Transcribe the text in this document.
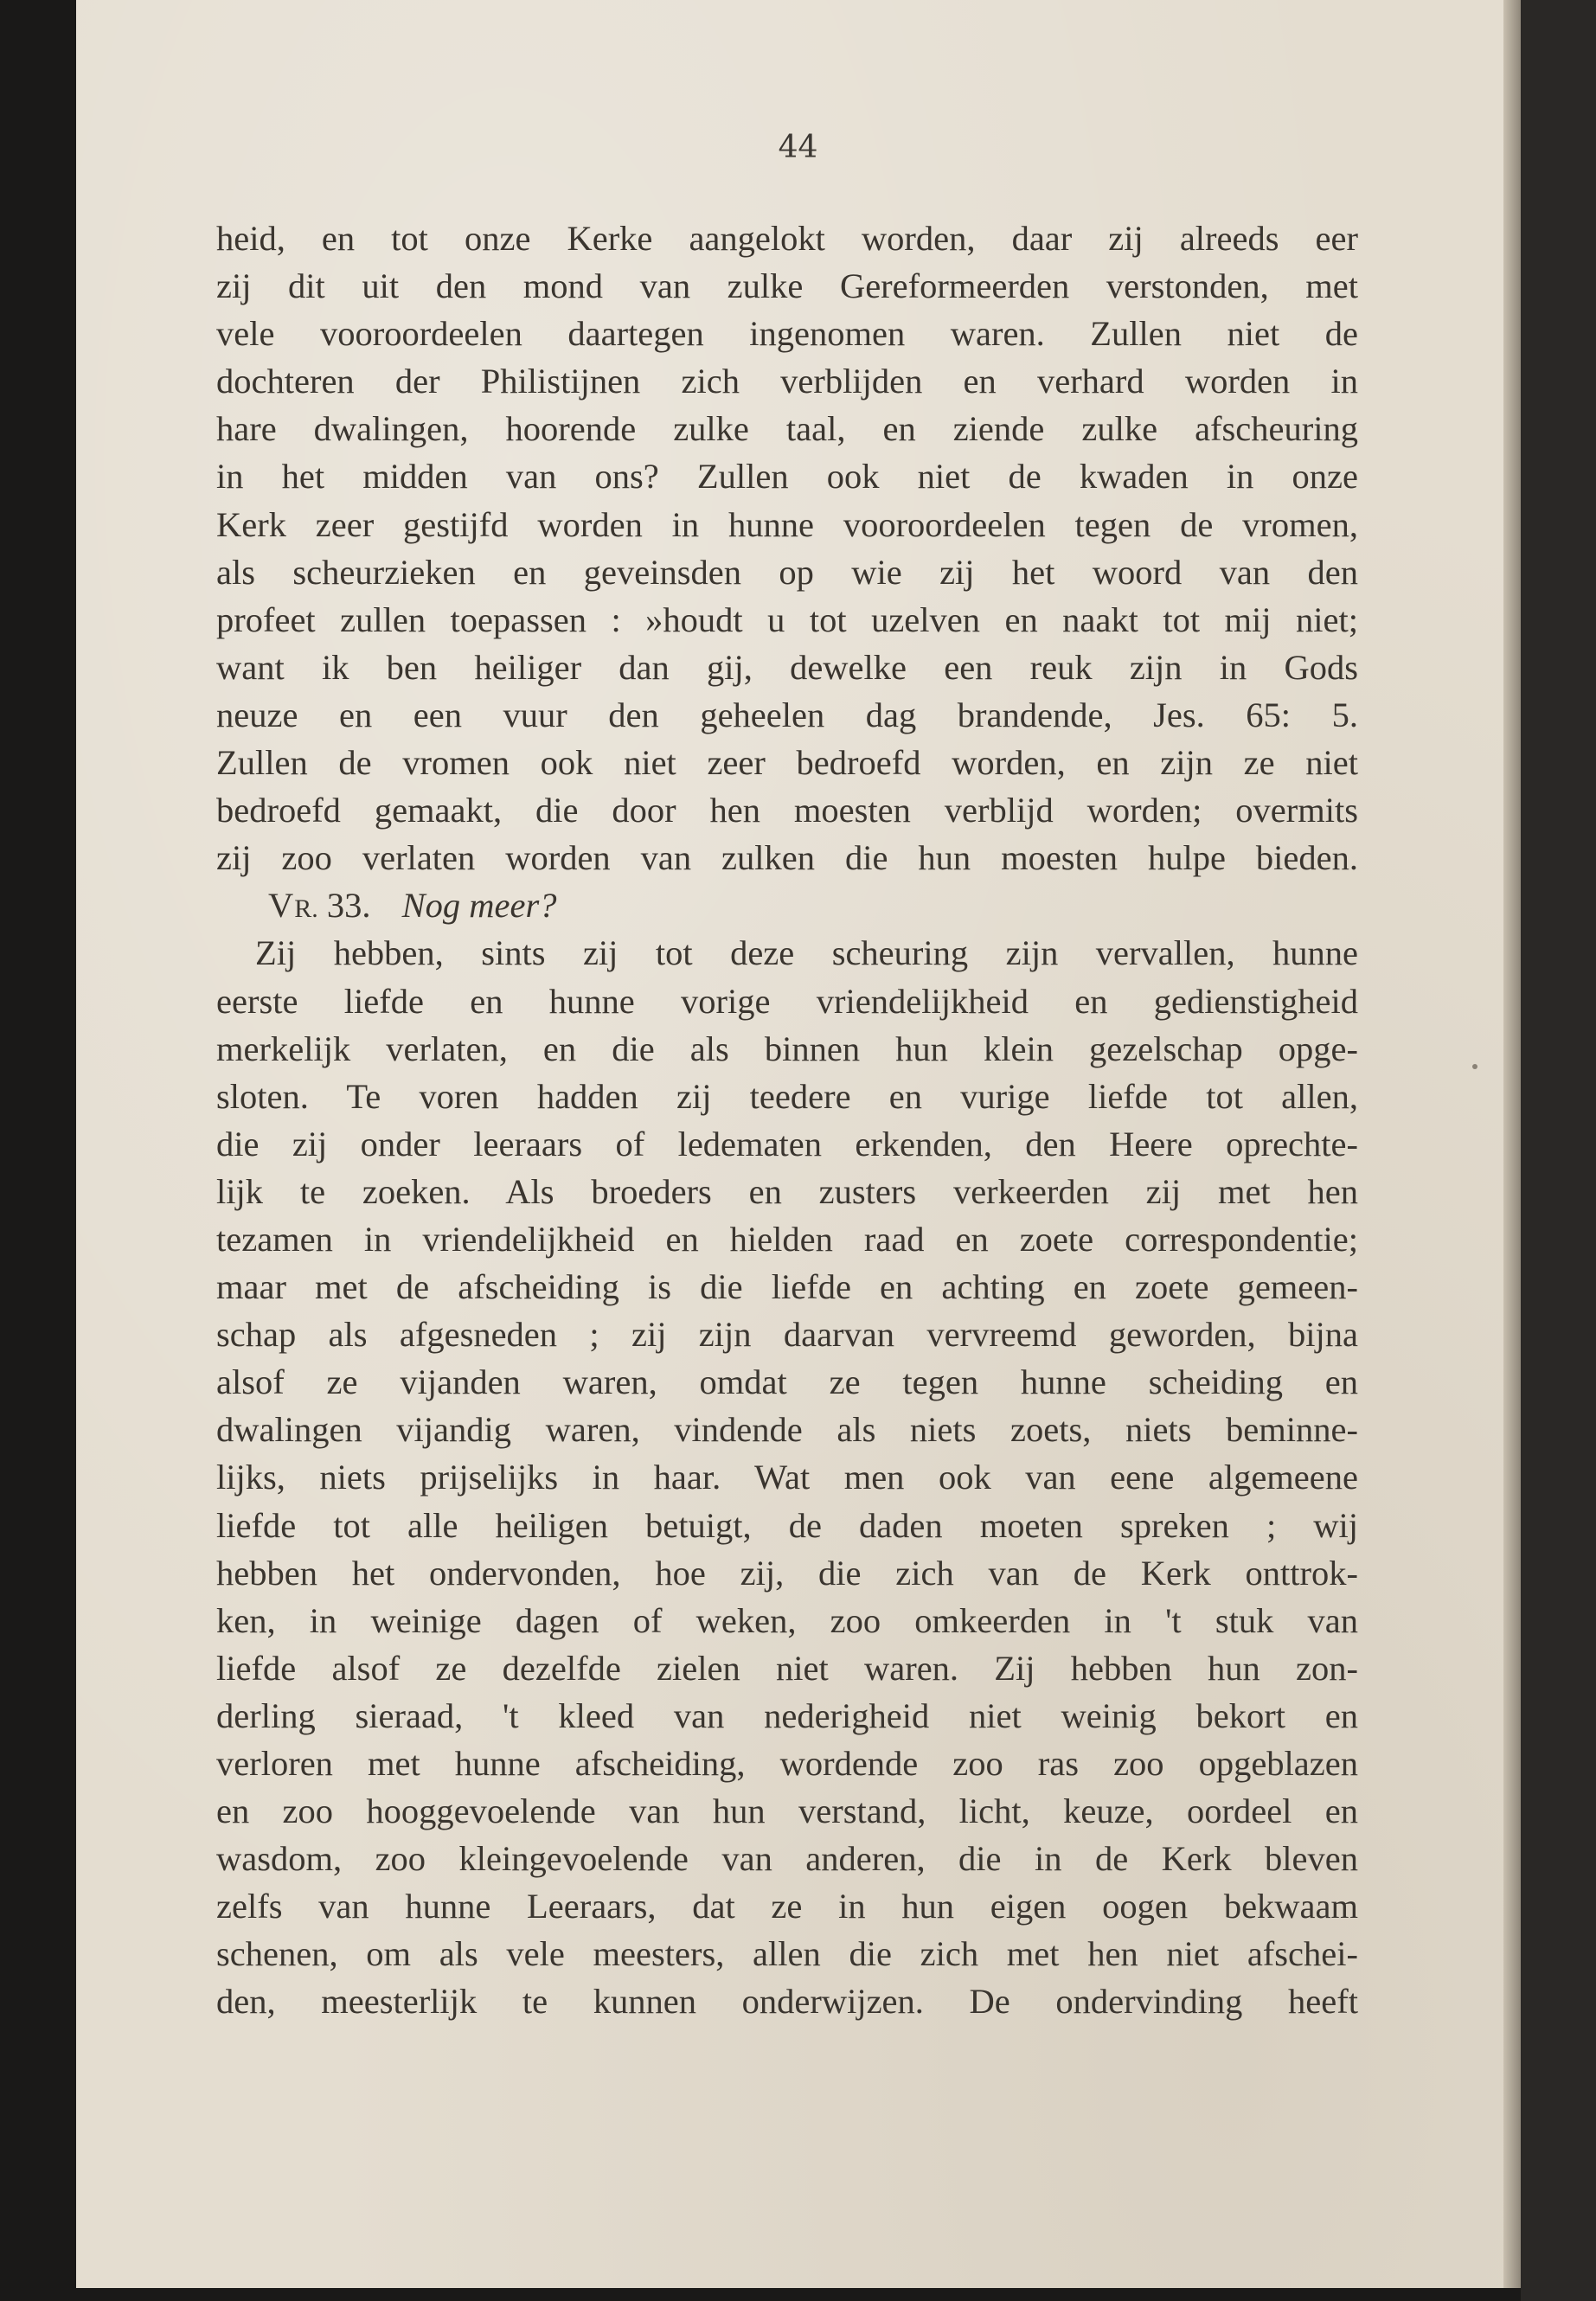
44
heid, en tot onze Kerke aangelokt worden, daar zij alreeds eer
zij dit uit den mond van zulke Gereformeerden verstonden, met
vele vooroordeelen daartegen ingenomen waren. Zullen niet de
dochteren der Philistijnen zich verblijden en verhard worden in
hare dwalingen, hoorende zulke taal, en ziende zulke afscheuring
in het midden van ons? Zullen ook niet de kwaden in onze
Kerk zeer gestijfd worden in hunne vooroordeelen tegen de vromen,
als scheurzieken en geveinsden op wie zij het woord van den
profeet zullen toepassen : »houdt u tot uzelven en naakt tot mij niet;
want ik ben heiliger dan gij, dewelke een reuk zijn in Gods
neuze en een vuur den geheelen dag brandende, Jes. 65: 5.
Zullen de vromen ook niet zeer bedroefd worden, en zijn ze niet
bedroefd gemaakt, die door hen moesten verblijd worden; overmits
zij zoo verlaten worden van zulken die hun moesten hulpe bieden.
VR. 33. Nog meer?
Zij hebben, sints zij tot deze scheuring zijn vervallen, hunne
eerste liefde en hunne vorige vriendelijkheid en gedienstigheid
merkelijk verlaten, en die als binnen hun klein gezelschap opge-
sloten. Te voren hadden zij teedere en vurige liefde tot allen,
die zij onder leeraars of ledematen erkenden, den Heere oprechte-
lijk te zoeken. Als broeders en zusters verkeerden zij met hen
tezamen in vriendelijkheid en hielden raad en zoete correspondentie;
maar met de afscheiding is die liefde en achting en zoete gemeen-
schap als afgesneden ; zij zijn daarvan vervreemd geworden, bijna
alsof ze vijanden waren, omdat ze tegen hunne scheiding en
dwalingen vijandig waren, vindende als niets zoets, niets beminne-
lijks, niets prijselijks in haar. Wat men ook van eene algemeene
liefde tot alle heiligen betuigt, de daden moeten spreken ; wij
hebben het ondervonden, hoe zij, die zich van de Kerk onttrok-
ken, in weinige dagen of weken, zoo omkeerden in 't stuk van
liefde alsof ze dezelfde zielen niet waren. Zij hebben hun zon-
derling sieraad, 't kleed van nederigheid niet weinig bekort en
verloren met hunne afscheiding, wordende zoo ras zoo opgeblazen
en zoo hooggevoelende van hun verstand, licht, keuze, oordeel en
wasdom, zoo kleingevoelende van anderen, die in de Kerk bleven
zelfs van hunne Leeraars, dat ze in hun eigen oogen bekwaam
schenen, om als vele meesters, allen die zich met hen niet afschei-
den, meesterlijk te kunnen onderwijzen. De ondervinding heeft
